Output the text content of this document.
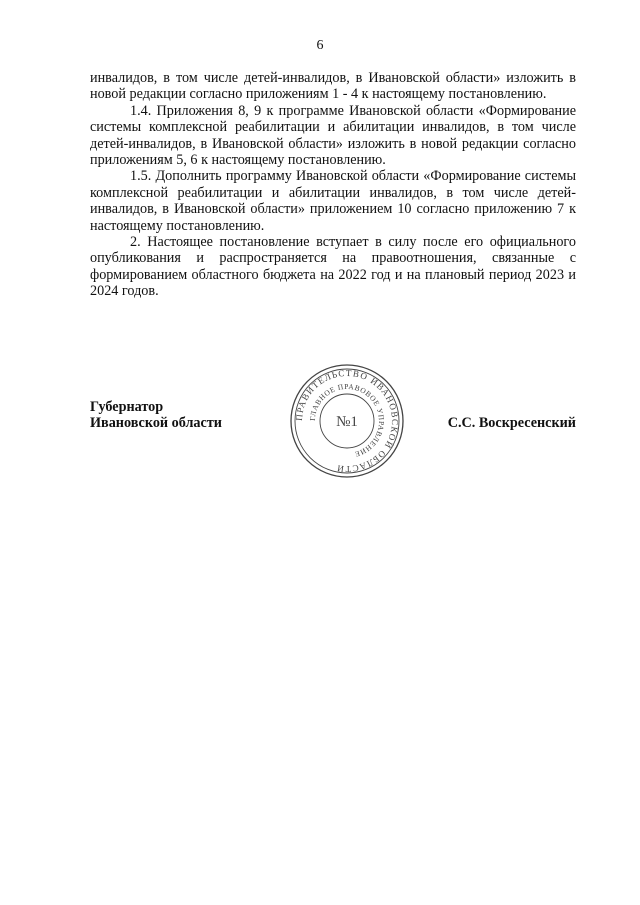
6

инвалидов, в том числе детей-инвалидов, в Ивановской области» изложить в новой редакции согласно приложениям 1 - 4 к настоящему постановлению.

1.4. Приложения 8, 9 к программе Ивановской области «Формирование системы комплексной реабилитации и абилитации инвалидов, в том числе детей-инвалидов, в Ивановской области» изложить в новой редакции согласно приложениям 5, 6 к настоящему постановлению.

1.5. Дополнить программу Ивановской области «Формирование системы комплексной реабилитации и абилитации инвалидов, в том числе детей-инвалидов, в Ивановской области» приложением 10 согласно приложению 7 к настоящему постановлению.

2. Настоящее постановление вступает в силу после его официального опубликования и распространяется на правоотношения, связанные с формированием областного бюджета на 2022 год и на плановый период 2023 и 2024 годов.

Губернатор
Ивановской области	С.С. Воскресенский
ПРАВИТЕЛЬСТВО ИВАНОВСКОЙ ОБЛАСТИ
ГЛАВНОЕ ПРАВОВОЕ УПРАВЛЕНИЕ
№1
